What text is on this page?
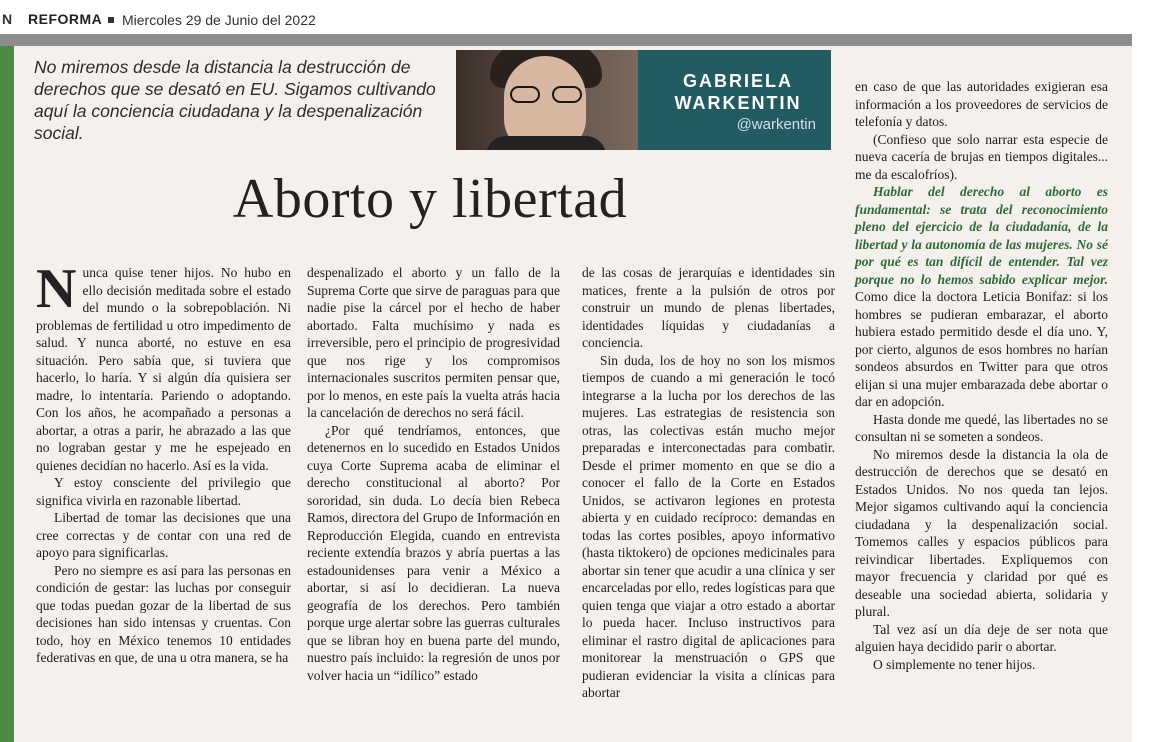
N REFORMA Miercoles 29 de Junio del 2022
No miremos desde la distancia la destrucción de derechos que se desató en EU. Sigamos cultivando aquí la conciencia ciudadana y la despenalización social.
GABRIELA WARKENTIN
@warkentin
Aborto y libertad

Nunca quise tener hijos. No hubo en ello decisión meditada sobre el estado del mundo o la sobrepoblación. Ni problemas de fertilidad u otro impedimento de salud. Y nunca aborté, no estuve en esa situación. Pero sabía que, si tuviera que hacerlo, lo haría. Y si algún día quisiera ser madre, lo intentaría. Pariendo o adoptando. Con los años, he acompañado a personas a abortar, a otras a parir, he abrazado a las que no lograban gestar y me he espejeado en quienes decidían no hacerlo. Así es la vida.

Y estoy consciente del privilegio que significa vivirla en razonable libertad.

Libertad de tomar las decisiones que una cree correctas y de contar con una red de apoyo para significarlas.

Pero no siempre es así para las personas en condición de gestar: las luchas por conseguir que todas puedan gozar de la libertad de sus decisiones han sido intensas y cruentas. Con todo, hoy en México tenemos 10 entidades federativas en que, de una u otra manera, se ha

despenalizado el aborto y un fallo de la Suprema Corte que sirve de paraguas para que nadie pise la cárcel por el hecho de haber abortado. Falta muchísimo y nada es irreversible, pero el principio de progresividad que nos rige y los compromisos internacionales suscritos permiten pensar que, por lo menos, en este país la vuelta atrás hacia la cancelación de derechos no será fácil.

¿Por qué tendríamos, entonces, que detenernos en lo sucedido en Estados Unidos cuya Corte Suprema acaba de eliminar el derecho constitucional al aborto? Por sororidad, sin duda. Lo decía bien Rebeca Ramos, directora del Grupo de Información en Reproducción Elegida, cuando en entrevista reciente extendía brazos y abría puertas a las estadounidenses para venir a México a abortar, si así lo decidieran. La nueva geografía de los derechos. Pero también porque urge alertar sobre las guerras culturales que se libran hoy en buena parte del mundo, nuestro país incluido: la regresión de unos por volver hacia un “idílico” estado

de las cosas de jerarquías e identidades sin matices, frente a la pulsión de otros por construir un mundo de plenas libertades, identidades líquidas y ciudadanías a conciencia.

Sin duda, los de hoy no son los mismos tiempos de cuando a mi generación le tocó integrarse a la lucha por los derechos de las mujeres. Las estrategias de resistencia son otras, las colectivas están mucho mejor preparadas e interconectadas para combatir. Desde el primer momento en que se dio a conocer el fallo de la Corte en Estados Unidos, se activaron legiones en protesta abierta y en cuidado recíproco: demandas en todas las cortes posibles, apoyo informativo (hasta tiktokero) de opciones medicinales para abortar sin tener que acudir a una clínica y ser encarceladas por ello, redes logísticas para que quien tenga que viajar a otro estado a abortar lo pueda hacer. Incluso instructivos para eliminar el rastro digital de aplicaciones para monitorear la menstruación o GPS que pudieran evidenciar la visita a clínicas para abortar

en caso de que las autoridades exigieran esa información a los proveedores de servicios de telefonía y datos.

(Confieso que solo narrar esta especie de nueva cacería de brujas en tiempos digitales... me da escalofríos).

Hablar del derecho al aborto es fundamental: se trata del reconocimiento pleno del ejercicio de la ciudadanía, de la libertad y la autonomía de las mujeres. No sé por qué es tan difícil de entender. Tal vez porque no lo hemos sabido explicar mejor. Como dice la doctora Leticia Bonifaz: si los hombres se pudieran embarazar, el aborto hubiera estado permitido desde el día uno. Y, por cierto, algunos de esos hombres no harían sondeos absurdos en Twitter para que otros elijan si una mujer embarazada debe abortar o dar en adopción.

Hasta donde me quedé, las libertades no se consultan ni se someten a sondeos.

No miremos desde la distancia la ola de destrucción de derechos que se desató en Estados Unidos. No nos queda tan lejos. Mejor sigamos cultivando aquí la conciencia ciudadana y la despenalización social. Tomemos calles y espacios públicos para reivindicar libertades. Expliquemos con mayor frecuencia y claridad por qué es deseable una sociedad abierta, solidaria y plural.

Tal vez así un día deje de ser nota que alguien haya decidido parir o abortar.

O simplemente no tener hijos.
